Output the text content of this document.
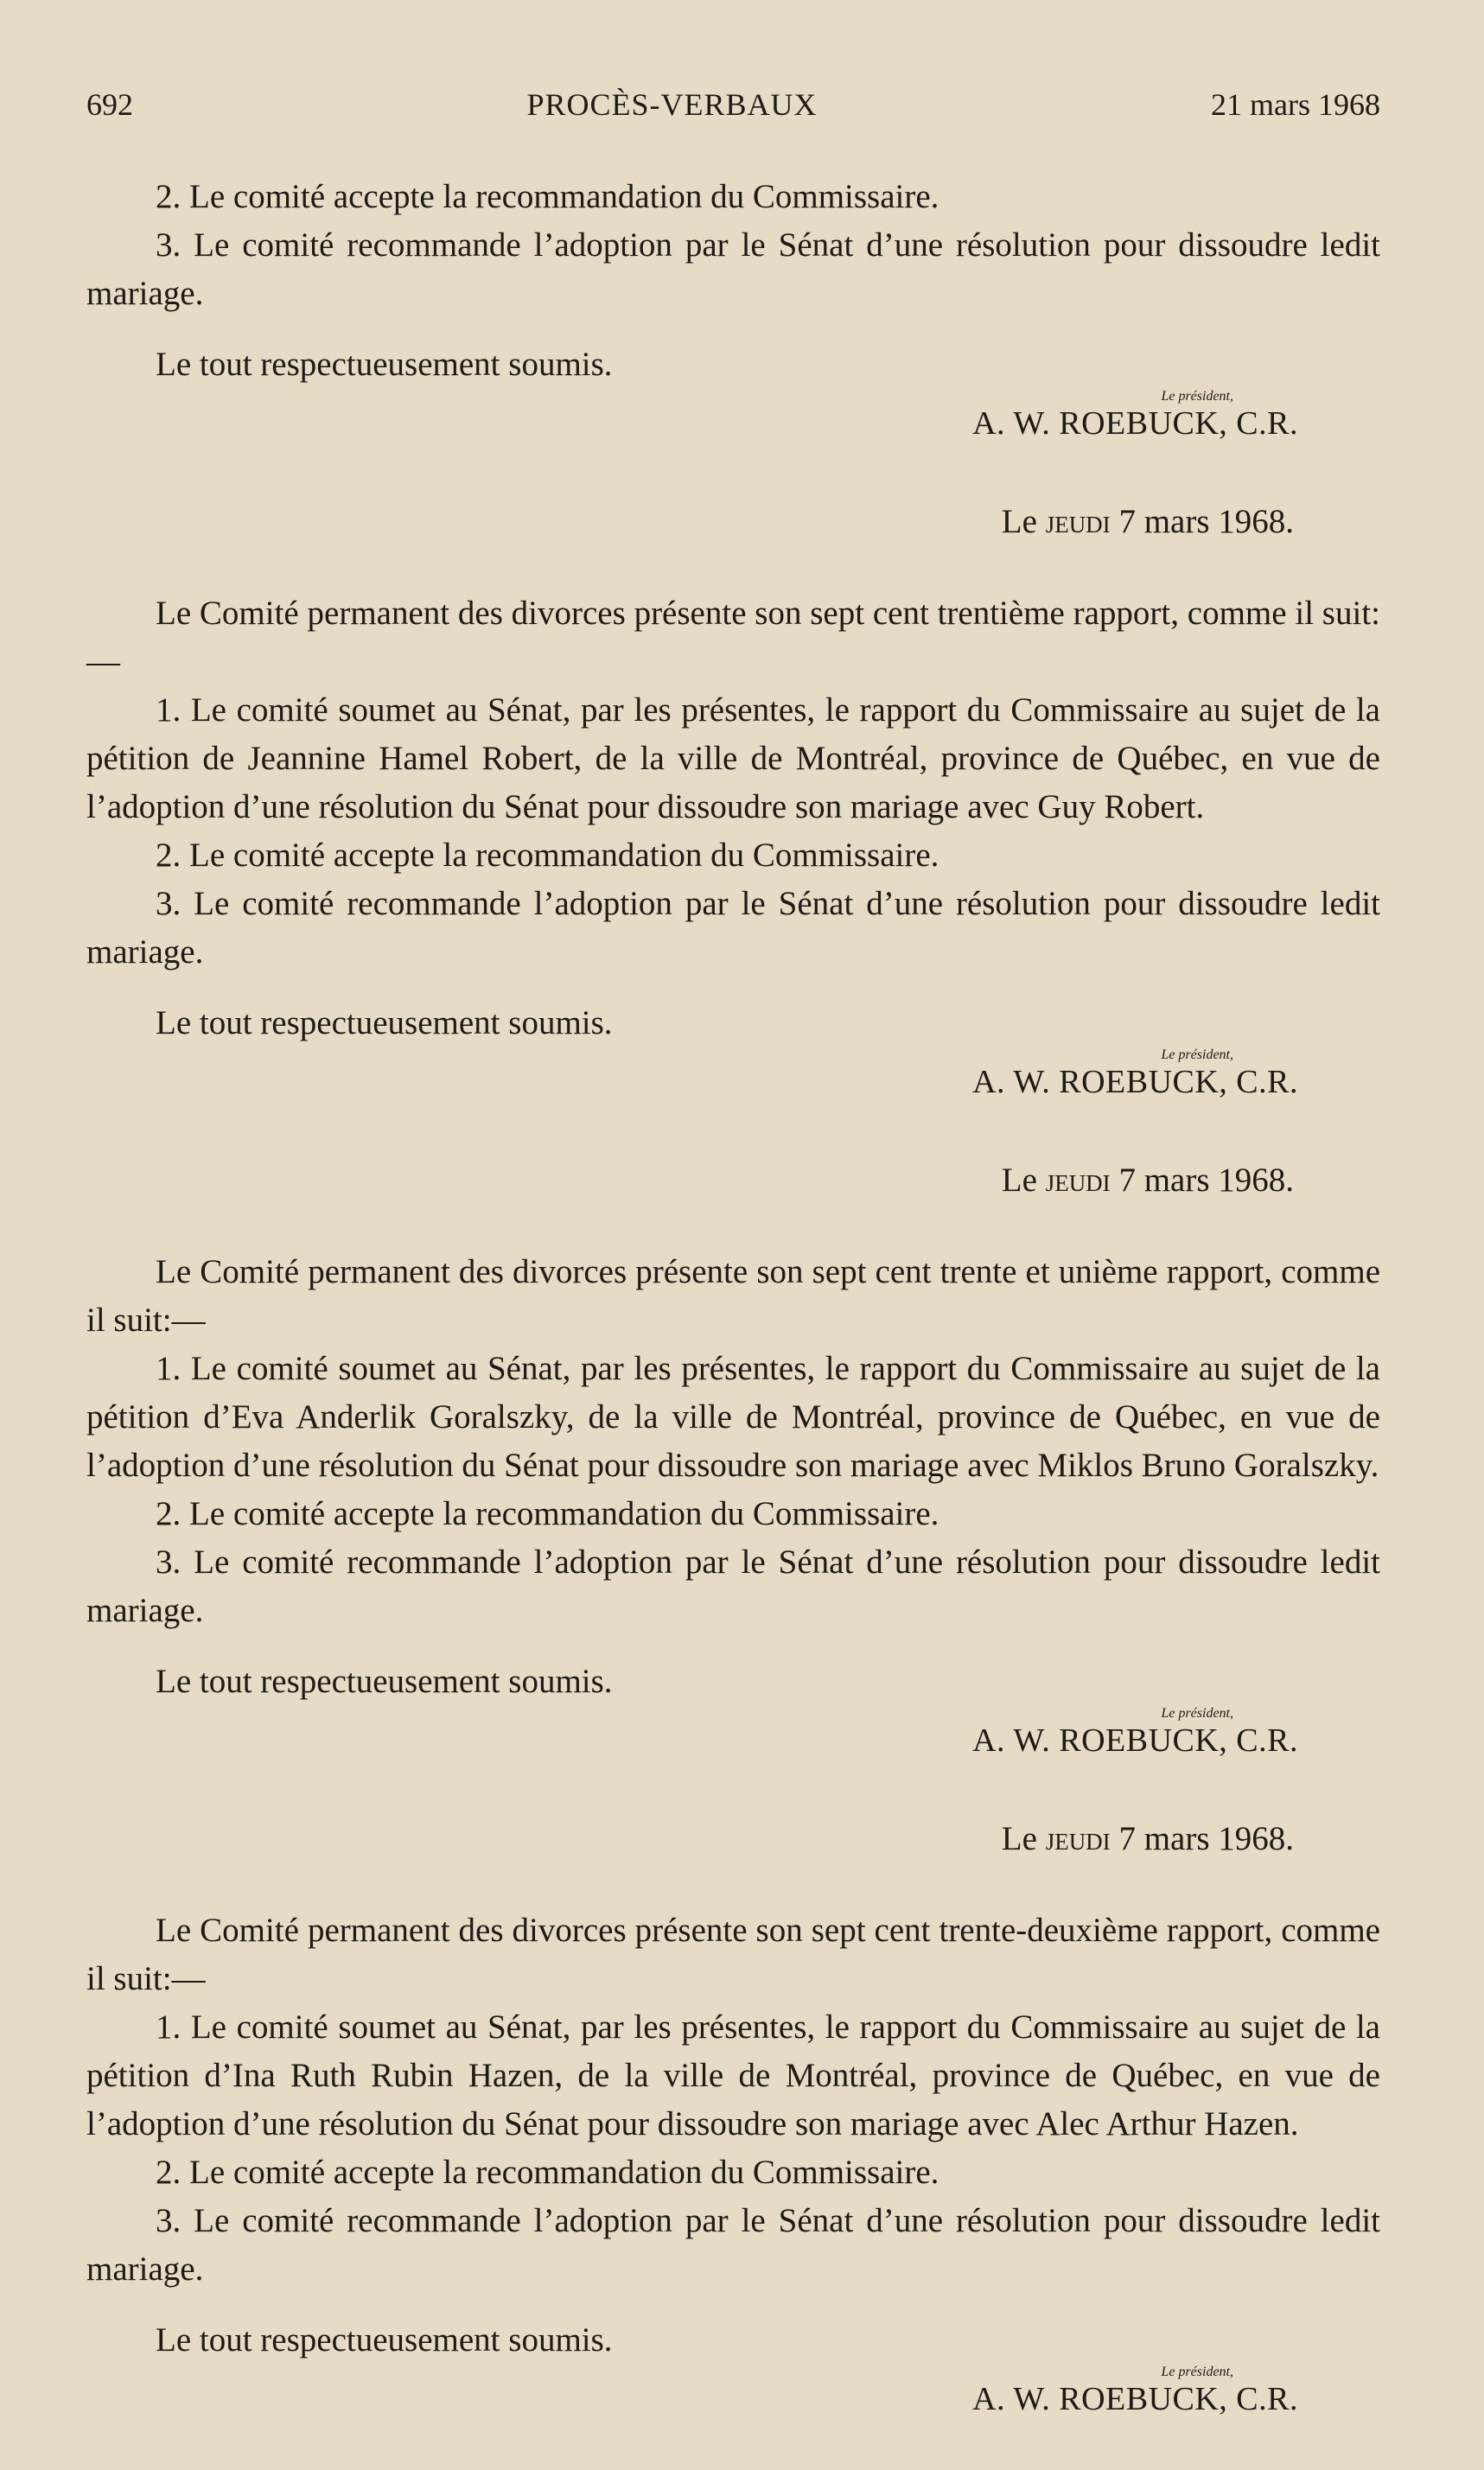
692	PROCÈS-VERBAUX	21 mars 1968

2. Le comité accepte la recommandation du Commissaire.

3. Le comité recommande l’adoption par le Sénat d’une résolution pour dissoudre ledit mariage.

Le tout respectueusement soumis.

Le président,
A. W. ROEBUCK, C.R.
Le jeudi 7 mars 1968.

Le Comité permanent des divorces présente son sept cent trentième rapport, comme il suit:—

1. Le comité soumet au Sénat, par les présentes, le rapport du Commissaire au sujet de la pétition de Jeannine Hamel Robert, de la ville de Montréal, province de Québec, en vue de l’adoption d’une résolution du Sénat pour dissoudre son mariage avec Guy Robert.

2. Le comité accepte la recommandation du Commissaire.

3. Le comité recommande l’adoption par le Sénat d’une résolution pour dissoudre ledit mariage.

Le tout respectueusement soumis.

Le président,
A. W. ROEBUCK, C.R.
Le jeudi 7 mars 1968.

Le Comité permanent des divorces présente son sept cent trente et unième rapport, comme il suit:—

1. Le comité soumet au Sénat, par les présentes, le rapport du Commissaire au sujet de la pétition d’Eva Anderlik Goralszky, de la ville de Montréal, province de Québec, en vue de l’adoption d’une résolution du Sénat pour dissoudre son mariage avec Miklos Bruno Goralszky.

2. Le comité accepte la recommandation du Commissaire.

3. Le comité recommande l’adoption par le Sénat d’une résolution pour dissoudre ledit mariage.

Le tout respectueusement soumis.

Le président,
A. W. ROEBUCK, C.R.
Le jeudi 7 mars 1968.

Le Comité permanent des divorces présente son sept cent trente-deuxième rapport, comme il suit:—

1. Le comité soumet au Sénat, par les présentes, le rapport du Commissaire au sujet de la pétition d’Ina Ruth Rubin Hazen, de la ville de Montréal, province de Québec, en vue de l’adoption d’une résolution du Sénat pour dissoudre son mariage avec Alec Arthur Hazen.

2. Le comité accepte la recommandation du Commissaire.

3. Le comité recommande l’adoption par le Sénat d’une résolution pour dissoudre ledit mariage.

Le tout respectueusement soumis.

Le président,
A. W. ROEBUCK, C.R.
